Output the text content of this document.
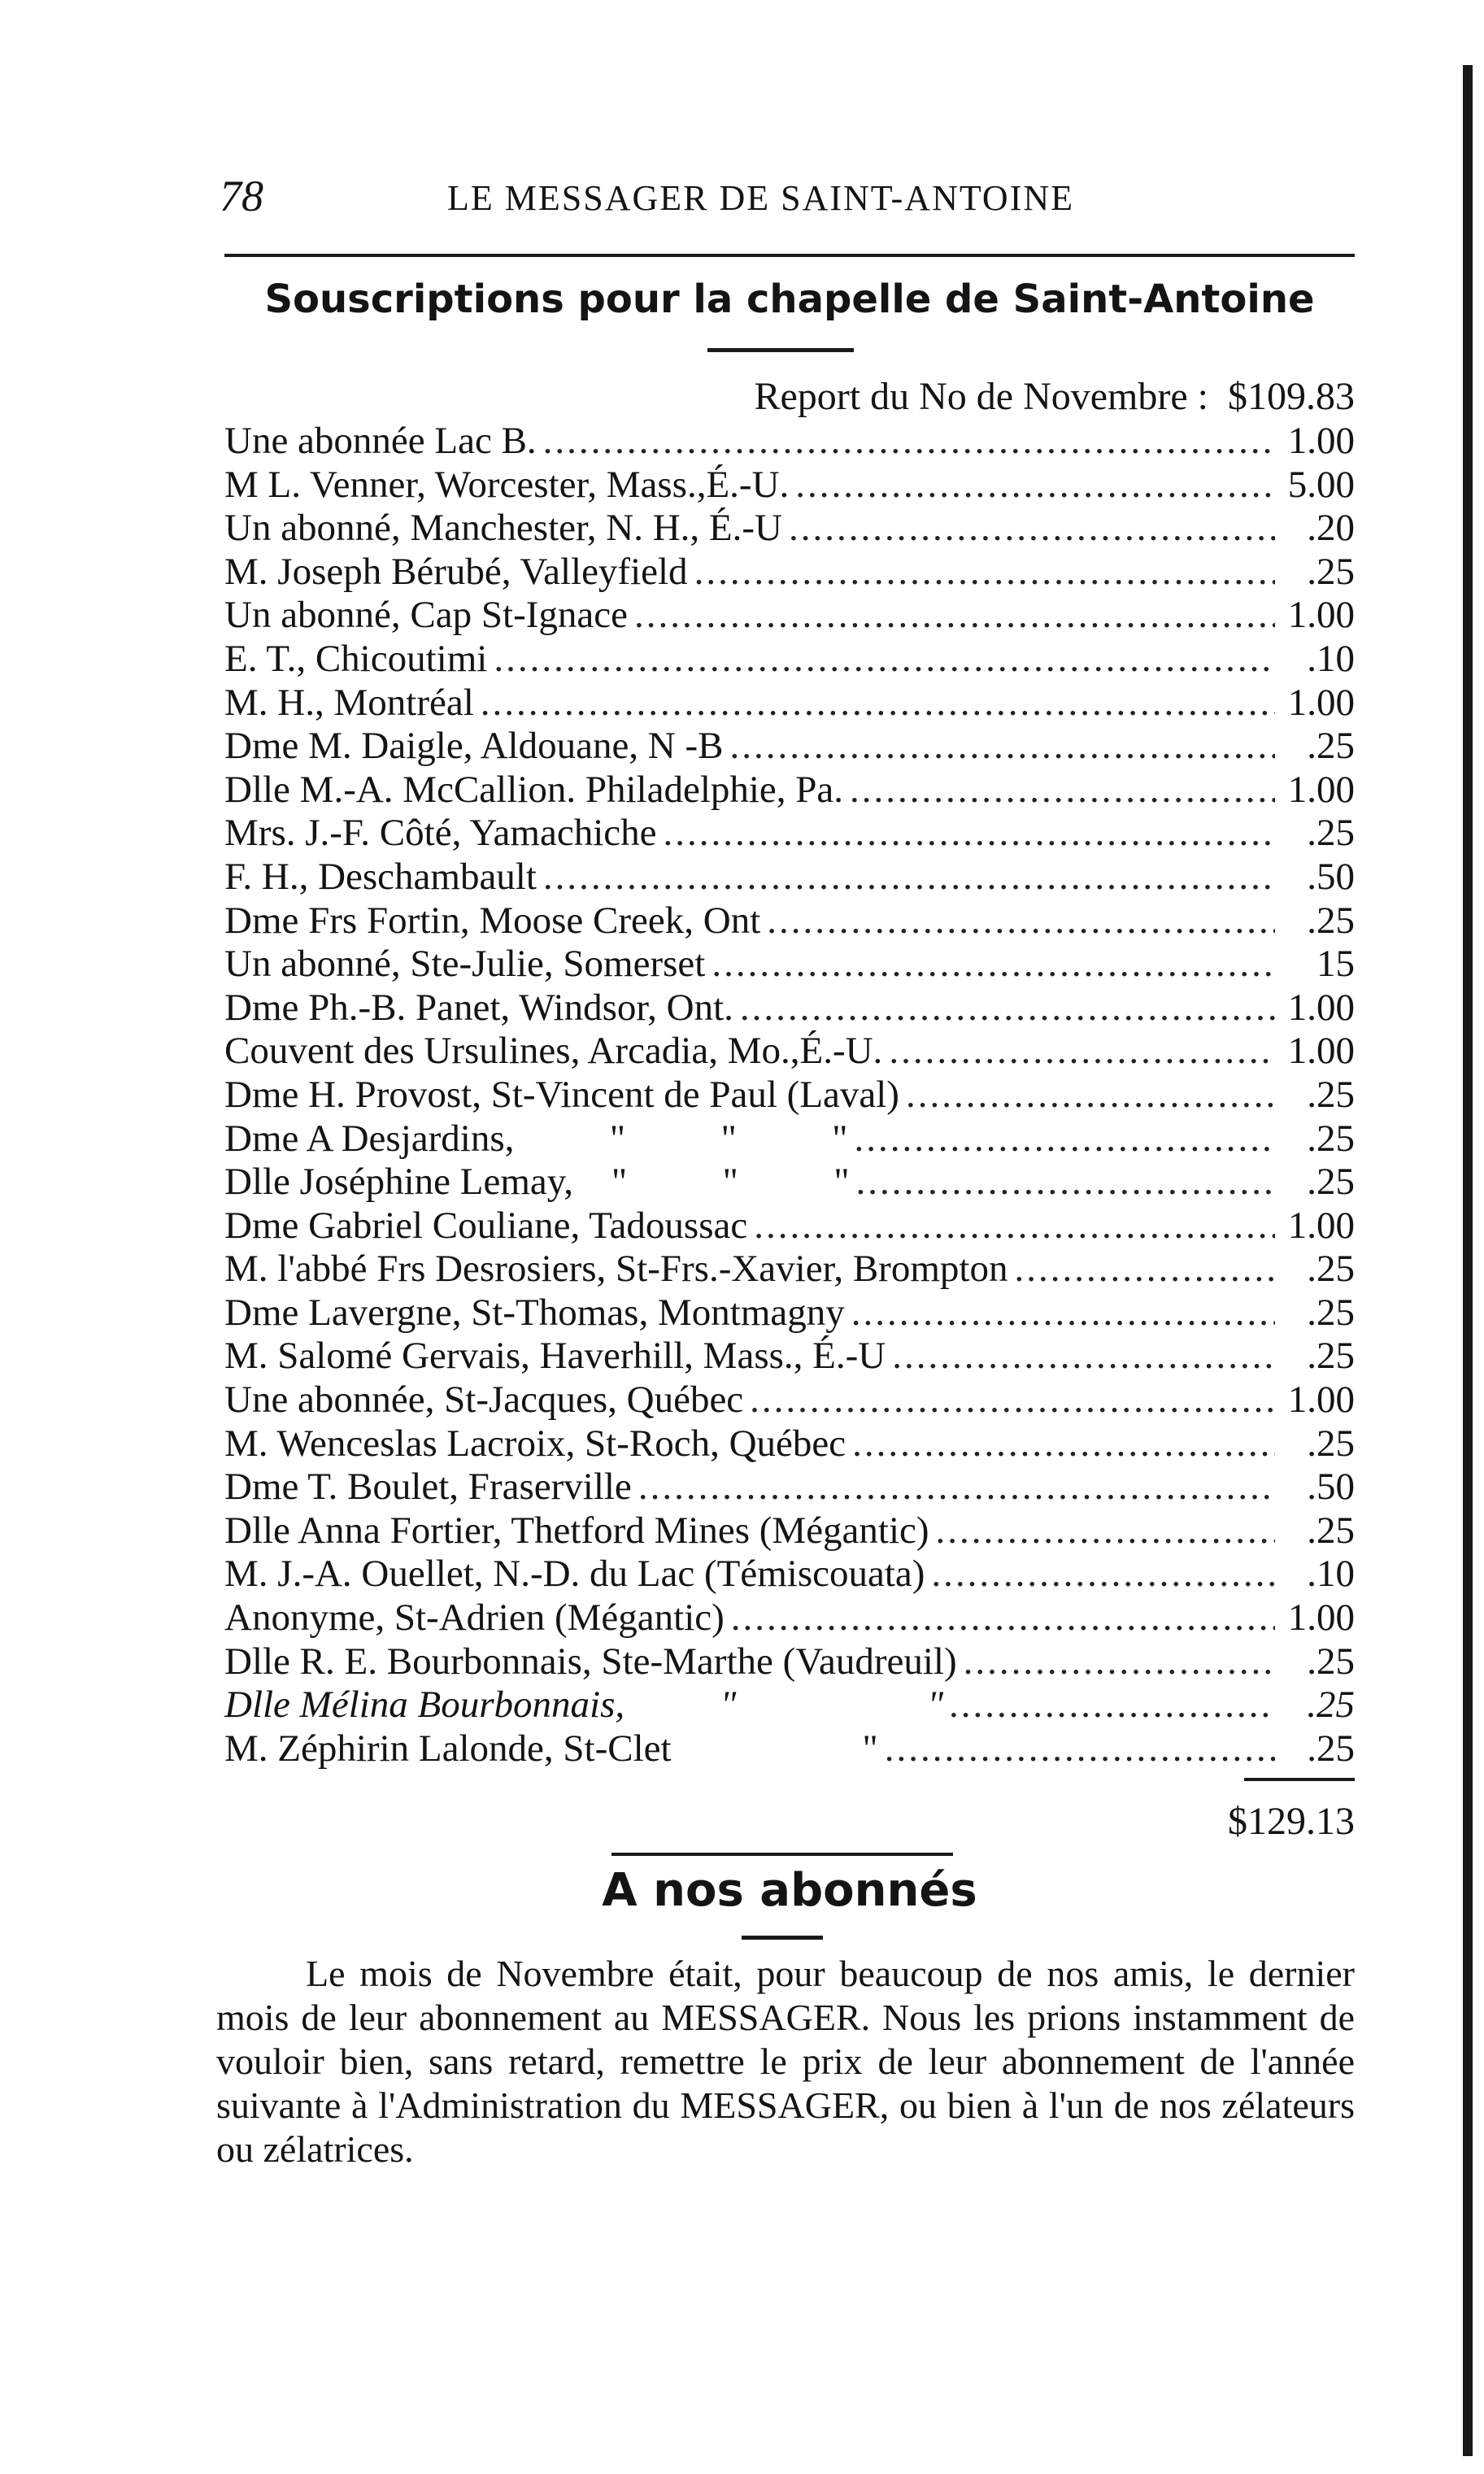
78	LE MESSAGER DE SAINT-ANTOINE
Souscriptions pour la chapelle de Saint-Antoine
Report du No de Novembre : $109.83
Une abonnée Lac B. .....	1.00
M L. Venner, Worcester, Mass.,É.-U. .....	5.00
Un abonné, Manchester, N. H., É.-U .....	.20
M. Joseph Bérubé, Valleyfield .....	.25
Un abonné, Cap St-Ignace .....	1.00
E. T., Chicoutimi .....	.10
M. H., Montréal .....	1.00
Dme M. Daigle, Aldouane, N -B .....	.25
Dlle M.-A. McCallion. Philadelphie, Pa. .....	1.00
Mrs. J.-F. Côté, Yamachiche .....	.25
F. H., Deschambault .....	.50
Dme Frs Fortin, Moose Creek, Ont .....	.25
Un abonné, Ste-Julie, Somerset .....	15
Dme Ph.-B. Panet, Windsor, Ont. .....	1.00
Couvent des Ursulines, Arcadia, Mo.,É.-U. .....	1.00
Dme H. Provost, St-Vincent de Paul (Laval) .....	.25
Dme A Desjardins,          "          "          " .....	.25
Dlle Joséphine Lemay,    "          "          " .....	.25
Dme Gabriel Couliane, Tadoussac .....	1.00
M. l'abbé Frs Desrosiers, St-Frs.-Xavier, Brompton .....	.25
Dme Lavergne, St-Thomas, Montmagny .....	.25
M. Salomé Gervais, Haverhill, Mass., É.-U .....	.25
Une abonnée, St-Jacques, Québec .....	1.00
M. Wenceslas Lacroix, St-Roch, Québec .....	.25
Dme T. Boulet, Fraserville .....	.50
Dlle Anna Fortier, Thetford Mines (Mégantic) .....	.25
M. J.-A. Ouellet, N.-D. du Lac (Témiscouata) .....	.10
Anonyme, St-Adrien (Mégantic) .....	1.00
Dlle R. E. Bourbonnais, Ste-Marthe (Vaudreuil) .....	.25
Dlle Mélina Bourbonnais,          "                    " .....	.25
M. Zéphirin Lalonde, St-Clet                    " .....	.25
$129.13
A nos abonnés
Le mois de Novembre était, pour beaucoup de nos amis, le dernier mois de leur abonnement au MESSAGER. Nous les prions instamment de vouloir bien, sans retard, remettre le prix de leur abonnement de l'année suivante à l'Administration du MESSAGER, ou bien à l'un de nos zélateurs ou zélatrices.
